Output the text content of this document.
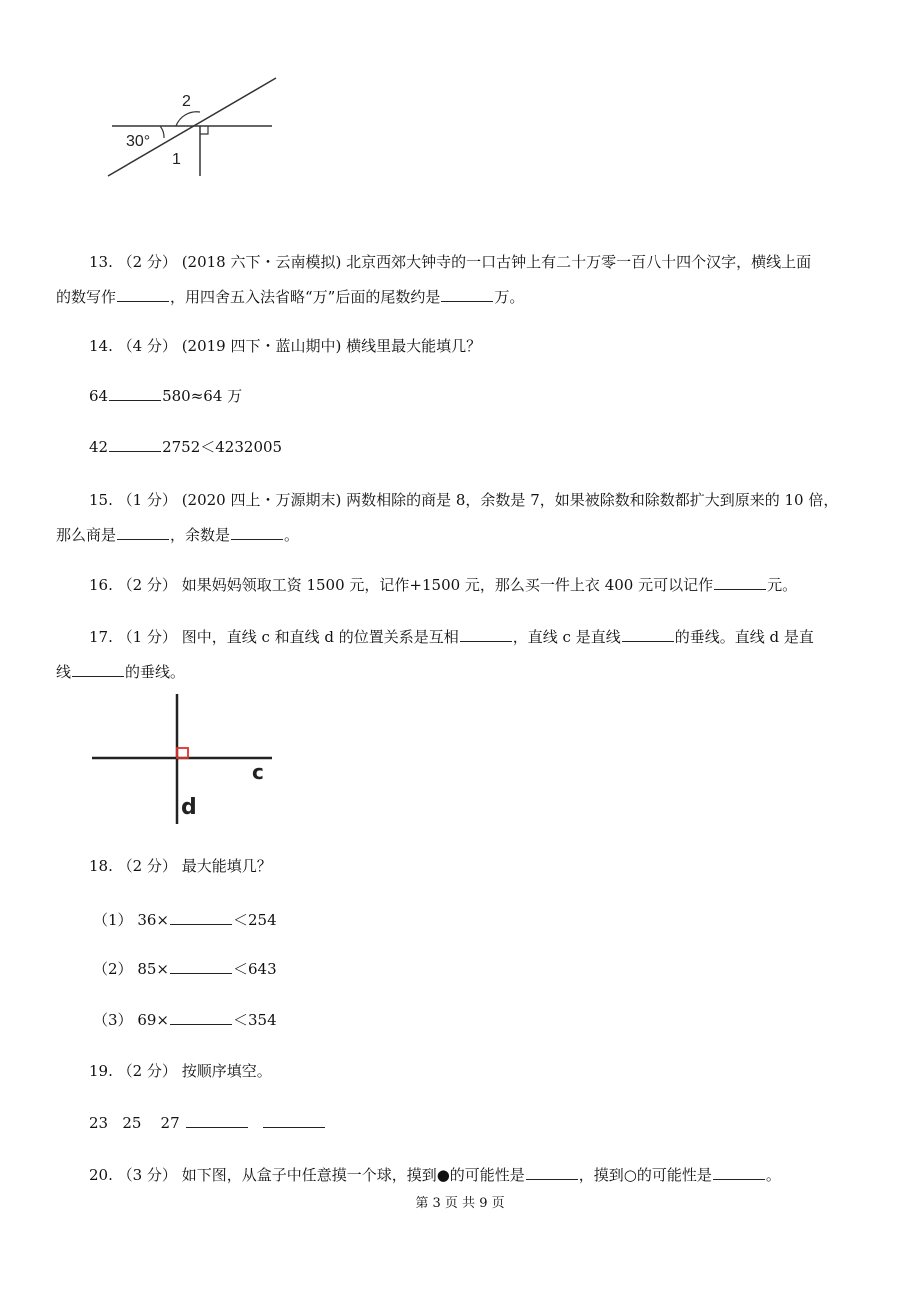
2
30°
1
13. （2 分） (2018 六下・云南模拟) 北京西郊大钟寺的一口古钟上有二十万零一百八十四个汉字，横线上面
的数写作	，用四舍五入法省略“万”后面的尾数约是	万。
14. （4 分） (2019 四下・蓝山期中) 横线里最大能填几？
64	580≈64 万
42	2752＜4232005
15. （1 分） (2020 四上・万源期末) 两数相除的商是 8，余数是 7，如果被除数和除数都扩大到原来的 10 倍，
那么商是	，余数是	。
16. （2 分） 如果妈妈领取工资 1500 元，记作+1500 元，那么买一件上衣 400 元可以记作	元。
17. （1 分） 图中，直线 c 和直线 d 的位置关系是互相	，直线 c 是直线	的垂线。直线 d 是直
线	的垂线。
c
d
18. （2 分） 最大能填几？
（1） 36×	＜254
（2） 85×	＜643
（3） 69×	＜354
19. （2 分） 按顺序填空。
23   25    27
20. （3 分） 如下图，从盒子中任意摸一个球，摸到●的可能性是	，摸到○的可能性是	。
第 3 页 共 9 页
